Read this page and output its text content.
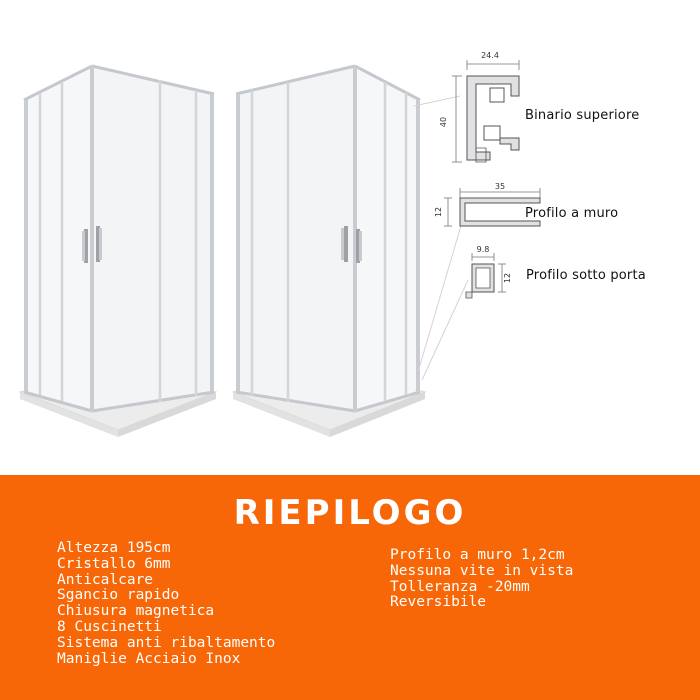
24.4
40
35
12
9.8
12
Binario superiore
Profilo a muro
Profilo sotto porta
RIEPILOGO
Altezza 195cm
Cristallo 6mm
Anticalcare
Sgancio rapido
Chiusura magnetica
8 Cuscinetti
Sistema anti ribaltamento
Maniglie Acciaio Inox
Profilo a muro 1,2cm
Nessuna vite in vista
Tolleranza -20mm
Reversibile
